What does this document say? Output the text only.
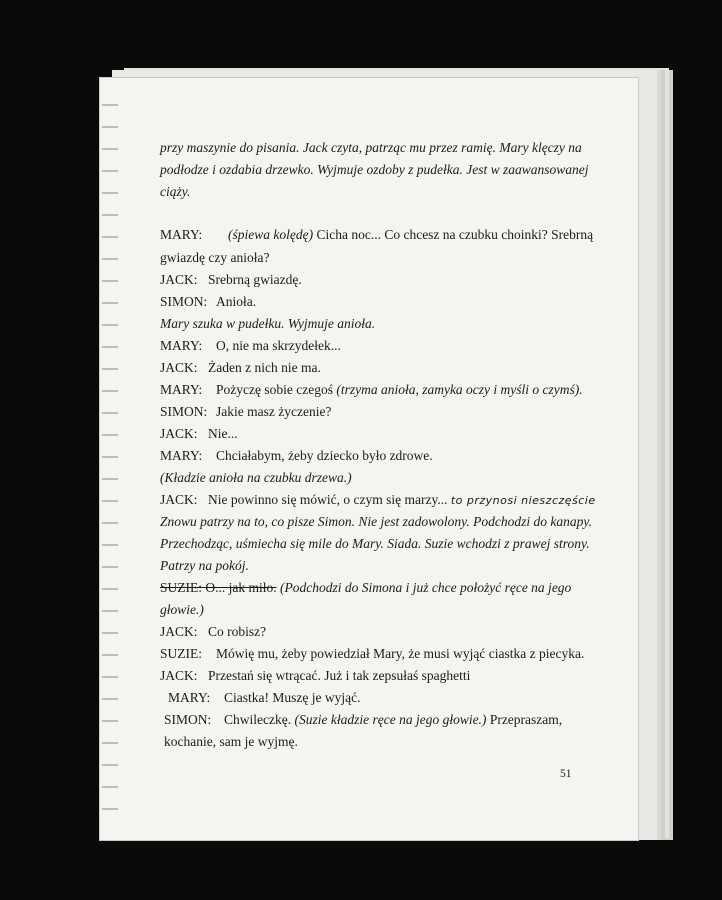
przy maszynie do pisania. Jack czyta, patrząc mu przez ramię. Mary klęczy na
podłodze i ozdabia drzewko. Wyjmuje ozdoby z pudełka. Jest w zaawansowanej
ciąży.
MARY: (śpiewa kolędę) Cicha noc... Co chcesz na czubku choinki? Srebrną
gwiazdę czy anioła?
JACK: Srebrną gwiazdę.
SIMON: Anioła.
Mary szuka w pudełku. Wyjmuje anioła.
MARY: O, nie ma skrzydełek...
JACK: Żaden z nich nie ma.
MARY: Pożyczę sobie czegoś (trzyma anioła, zamyka oczy i myśli o czymś).
SIMON: Jakie masz życzenie?
JACK: Nie...
MARY: Chciałabym, żeby dziecko było zdrowe.
(Kładzie anioła na czubku drzewa.)
JACK: Nie powinno się mówić, o czym się marzy... to przynosi nieszczęście
Znowu patrzy na to, co pisze Simon. Nie jest zadowolony. Podchodzi do kanapy.
Przechodząc, uśmiecha się mile do Mary. Siada. Suzie wchodzi z prawej strony.
Patrzy na pokój.
SUZIE: O... jak miło. (Podchodzi do Simona i już chce położyć ręce na jego
głowie.)
JACK: Co robisz?
SUZIE: Mówię mu, żeby powiedział Mary, że musi wyjąć ciastka z piecyka.
JACK: Przestań się wtrącać. Już i tak zepsułaś spaghetti
MARY: Ciastka! Muszę je wyjąć.
SIMON: Chwileczkę. (Suzie kładzie ręce na jego głowie.) Przepraszam,
kochanie, sam je wyjmę.
51
